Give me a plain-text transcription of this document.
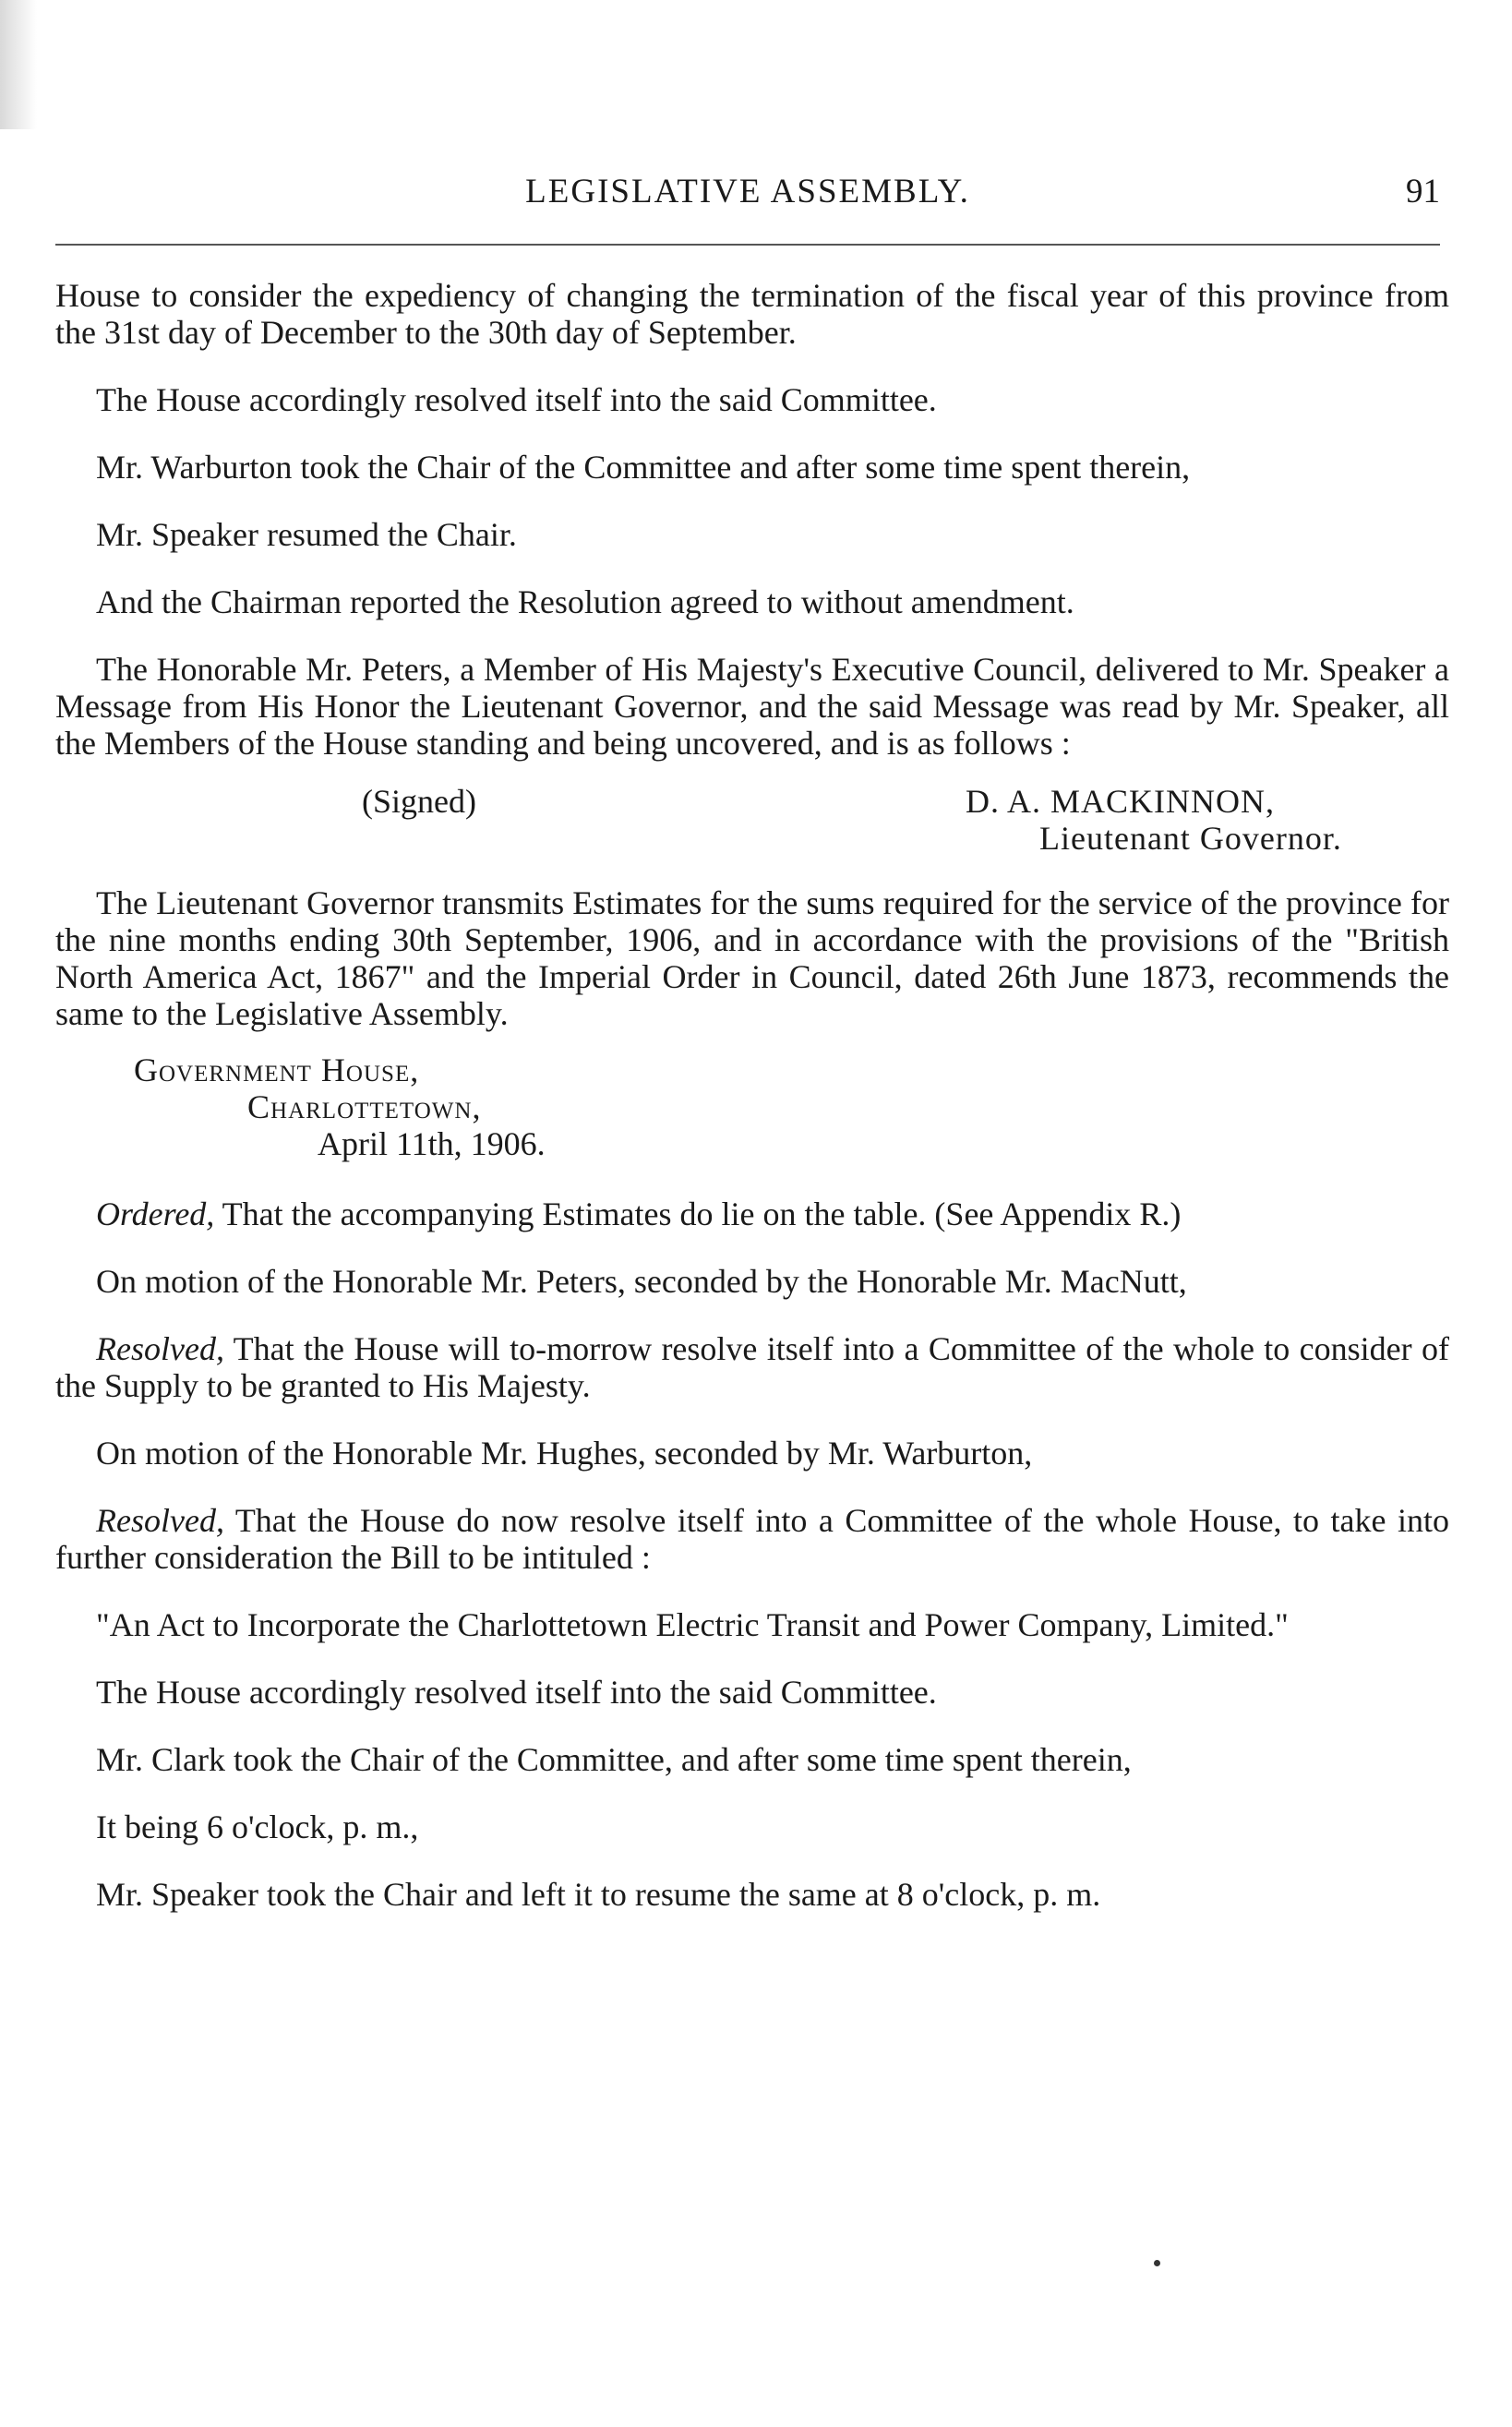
LEGISLATIVE ASSEMBLY.	91

House to consider the expediency of changing the termination of the fiscal year of this province from the 31st day of December to the 30th day of September.

The House accordingly resolved itself into the said Committee.

Mr. Warburton took the Chair of the Committee and after some time spent therein,

Mr. Speaker resumed the Chair.

And the Chairman reported the Resolution agreed to without amendment.

The Honorable Mr. Peters, a Member of His Majesty's Executive Council, delivered to Mr. Speaker a Message from His Honor the Lieutenant Governor, and the said Message was read by Mr. Speaker, all the Members of the House standing and being uncovered, and is as follows :

(Signed)	D. A. MACKINNON,
Lieutenant Governor.

The Lieutenant Governor transmits Estimates for the sums required for the service of the province for the nine months ending 30th September, 1906, and in accordance with the provisions of the "British North America Act, 1867" and the Imperial Order in Council, dated 26th June 1873, recommends the same to the Legislative Assembly.

Government House,
Charlottetown,
April 11th, 1906.

Ordered, That the accompanying Estimates do lie on the table. (See Appendix R.)

On motion of the Honorable Mr. Peters, seconded by the Honorable Mr. MacNutt,

Resolved, That the House will to-morrow resolve itself into a Committee of the whole to consider of the Supply to be granted to His Majesty.

On motion of the Honorable Mr. Hughes, seconded by Mr. Warburton,

Resolved, That the House do now resolve itself into a Committee of the whole House, to take into further consideration the Bill to be intituled :

"An Act to Incorporate the Charlottetown Electric Transit and Power Company, Limited."

The House accordingly resolved itself into the said Committee.

Mr. Clark took the Chair of the Committee, and after some time spent therein,

It being 6 o'clock, p. m.,

Mr. Speaker took the Chair and left it to resume the same at 8 o'clock, p. m.
